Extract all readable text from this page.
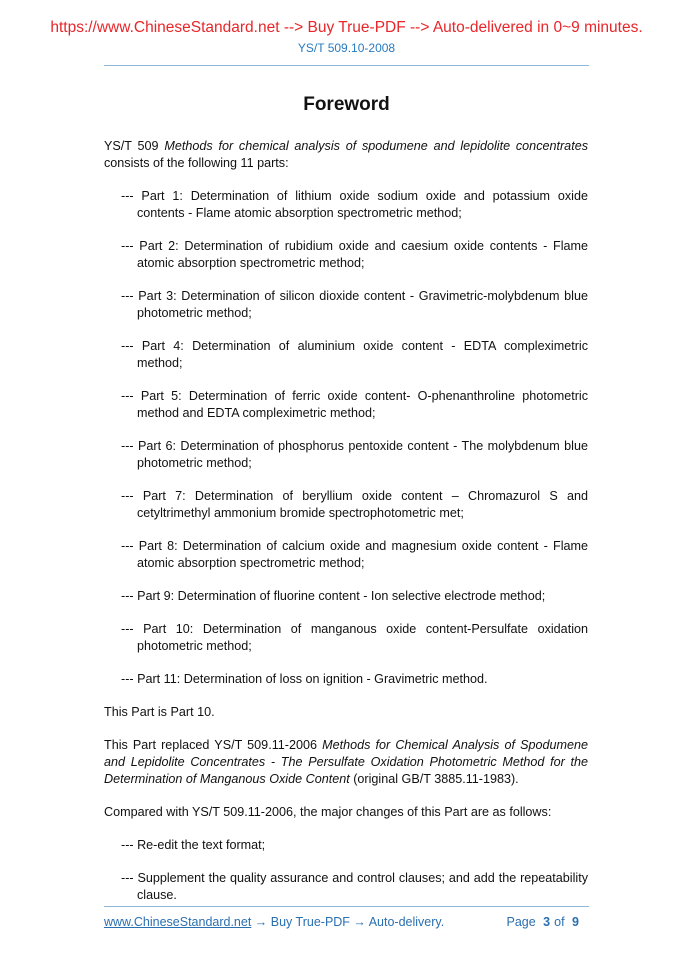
https://www.ChineseStandard.net --> Buy True-PDF --> Auto-delivered in 0~9 minutes.
YS/T 509.10-2008
Foreword

YS/T 509 Methods for chemical analysis of spodumene and lepidolite concentrates consists of the following 11 parts:

--- Part 1: Determination of lithium oxide sodium oxide and potassium oxide contents - Flame atomic absorption spectrometric method;
--- Part 2: Determination of rubidium oxide and caesium oxide contents - Flame atomic absorption spectrometric method;
--- Part 3: Determination of silicon dioxide content - Gravimetric-molybdenum blue photometric method;
--- Part 4: Determination of aluminium oxide content - EDTA compleximetric method;
--- Part 5: Determination of ferric oxide content- O-phenanthroline photometric method and EDTA compleximetric method;
--- Part 6: Determination of phosphorus pentoxide content - The molybdenum blue photometric method;
--- Part 7: Determination of beryllium oxide content – Chromazurol S and cetyltrimethyl ammonium bromide spectrophotometric met;
--- Part 8: Determination of calcium oxide and magnesium oxide content - Flame atomic absorption spectrometric method;
--- Part 9: Determination of fluorine content - Ion selective electrode method;
--- Part 10: Determination of manganous oxide content-Persulfate oxidation photometric method;
--- Part 11: Determination of loss on ignition - Gravimetric method.

This Part is Part 10.

This Part replaced YS/T 509.11-2006 Methods for Chemical Analysis of Spodumene and Lepidolite Concentrates - The Persulfate Oxidation Photometric Method for the Determination of Manganous Oxide Content (original GB/T 3885.11-1983).

Compared with YS/T 509.11-2006, the major changes of this Part are as follows:

--- Re-edit the text format;
--- Supplement the quality assurance and control clauses; and add the repeatability clause.
www.ChineseStandard.net → Buy True-PDF → Auto-delivery.	Page 3 of 9
